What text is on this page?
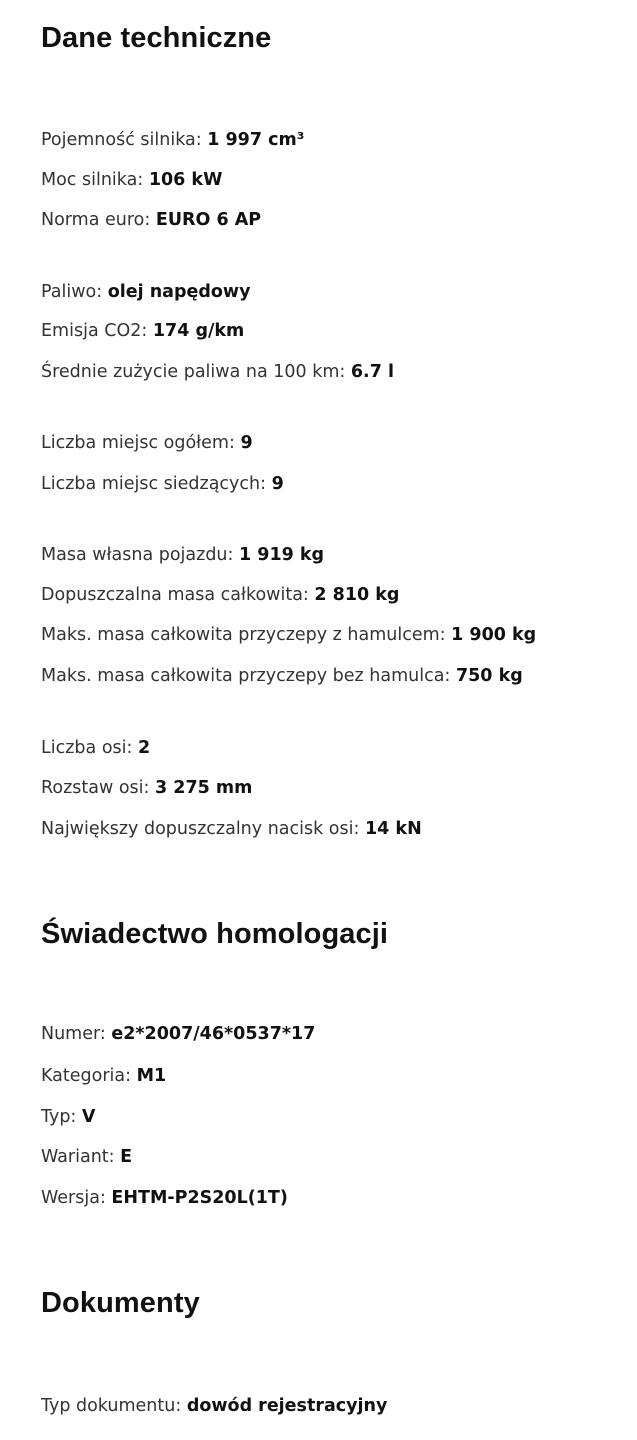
Dane techniczne
Pojemność silnika: 1 997 cm³
Moc silnika: 106 kW
Norma euro: EURO 6 AP
Paliwo: olej napędowy
Emisja CO2: 174 g/km
Średnie zużycie paliwa na 100 km: 6.7 l
Liczba miejsc ogółem: 9
Liczba miejsc siedzących: 9
Masa własna pojazdu: 1 919 kg
Dopuszczalna masa całkowita: 2 810 kg
Maks. masa całkowita przyczepy z hamulcem: 1 900 kg
Maks. masa całkowita przyczepy bez hamulca: 750 kg
Liczba osi: 2
Rozstaw osi: 3 275 mm
Największy dopuszczalny nacisk osi: 14 kN
Świadectwo homologacji
Numer: e2*2007/46*0537*17
Kategoria: M1
Typ: V
Wariant: E
Wersja: EHTM-P2S20L(1T)
Dokumenty
Typ dokumentu: dowód rejestracyjny
